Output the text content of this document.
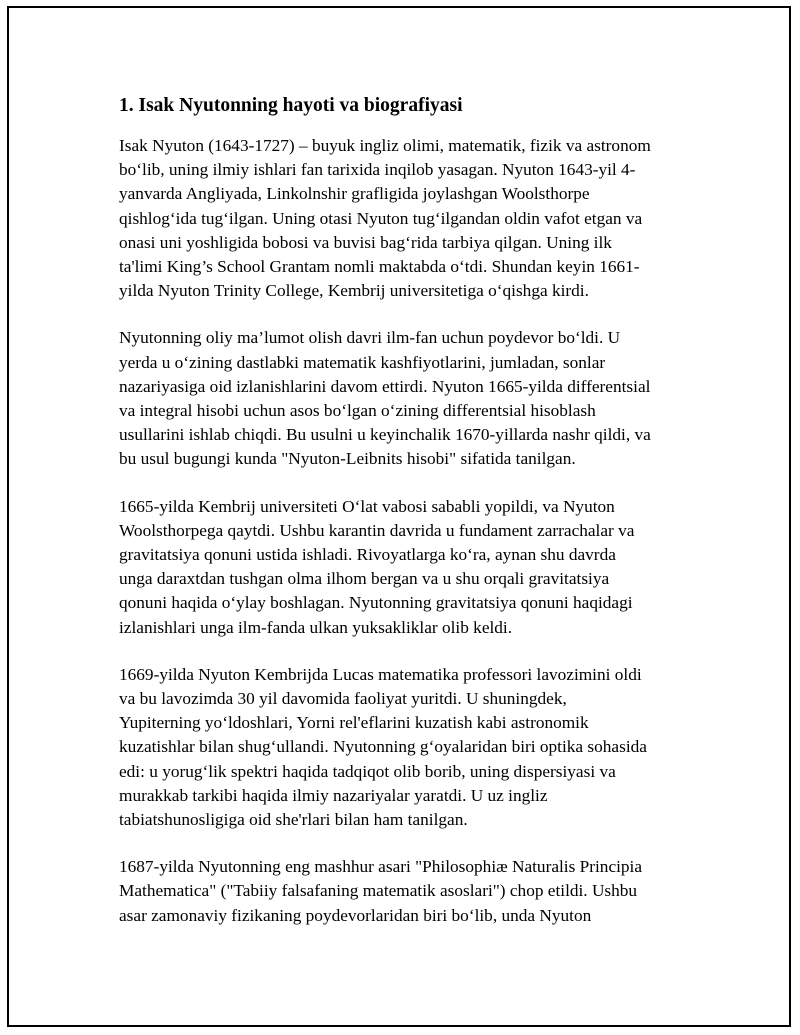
1. Isak Nyutonning hayoti va biografiyasi
Isak Nyuton (1643-1727) – buyuk ingliz olimi, matematik, fizik va astronom
bo‘lib, uning ilmiy ishlari fan tarixida inqilob yasagan. Nyuton 1643-yil 4-
yanvarda Angliyada, Linkolnshir grafligida joylashgan Woolsthorpe
qishlog‘ida tug‘ilgan. Uning otasi Nyuton tug‘ilgandan oldin vafot etgan va
onasi uni yoshligida bobosi va buvisi bag‘rida tarbiya qilgan. Uning ilk
ta'limi King’s School Grantam nomli maktabda o‘tdi. Shundan keyin 1661-
yilda Nyuton Trinity College, Kembrij universitetiga o‘qishga kirdi.
Nyutonning oliy ma’lumot olish davri ilm-fan uchun poydevor bo‘ldi. U
yerda u o‘zining dastlabki matematik kashfiyotlarini, jumladan, sonlar
nazariyasiga oid izlanishlarini davom ettirdi. Nyuton 1665-yilda differentsial
va integral hisobi uchun asos bo‘lgan o‘zining differentsial hisoblash
usullarini ishlab chiqdi. Bu usulni u keyinchalik 1670-yillarda nashr qildi, va
bu usul bugungi kunda "Nyuton-Leibnits hisobi" sifatida tanilgan.
1665-yilda Kembrij universiteti O‘lat vabosi sababli yopildi, va Nyuton
Woolsthorpega qaytdi. Ushbu karantin davrida u fundament zarrachalar va
gravitatsiya qonuni ustida ishladi. Rivoyatlarga ko‘ra, aynan shu davrda
unga daraxtdan tushgan olma ilhom bergan va u shu orqali gravitatsiya
qonuni haqida o‘ylay boshlagan. Nyutonning gravitatsiya qonuni haqidagi
izlanishlari unga ilm-fanda ulkan yuksakliklar olib keldi.
1669-yilda Nyuton Kembrijda Lucas matematika professori lavozimini oldi
va bu lavozimda 30 yil davomida faoliyat yuritdi. U shuningdek,
Yupiterning yo‘ldoshlari, Yorni rel'eflarini kuzatish kabi astronomik
kuzatishlar bilan shug‘ullandi. Nyutonning g‘oyalaridan biri optika sohasida
edi: u yorug‘lik spektri haqida tadqiqot olib borib, uning dispersiyasi va
murakkab tarkibi haqida ilmiy nazariyalar yaratdi. U uz ingliz
tabiatshunosligiga oid she'rlari bilan ham tanilgan.
1687-yilda Nyutonning eng mashhur asari "Philosophiæ Naturalis Principia
Mathematica" ("Tabiiy falsafaning matematik asoslari") chop etildi. Ushbu
asar zamonaviy fizikaning poydevorlaridan biri bo‘lib, unda Nyuton
